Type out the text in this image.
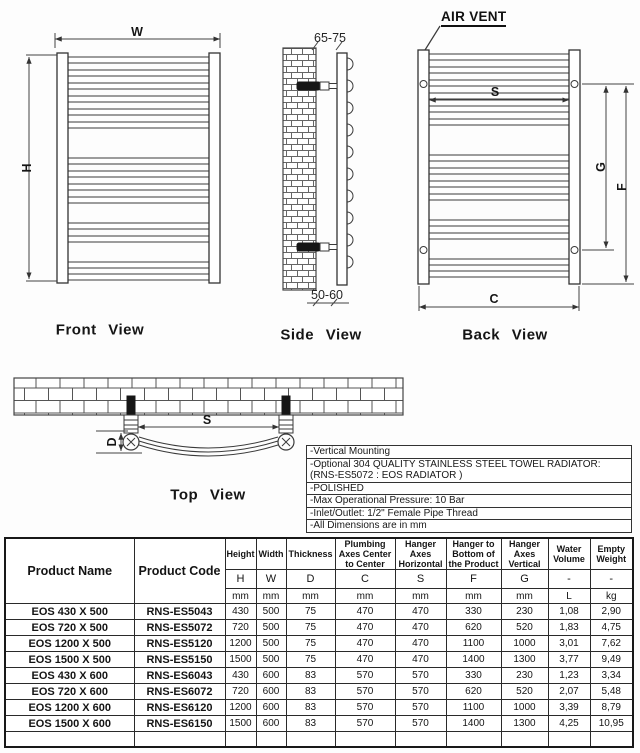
W
H
65-75
50-60
AIR VENT
S
G
F
C
Front View	Side View	Back View
S
D
Top View
-Vertical Mounting
-Optional 304 QUALITY STAINLESS STEEL TOWEL RADIATOR:
(RNS-ES5072 : EOS RADIATOR )
-POLISHED
-Max Operational Pressure: 10 Bar
-Inlet/Outlet: 1/2" Female Pipe Thread
-All Dimensions are in mm
Product Name	Product Code	Height	Width	Thickness	Plumbing Axes Center to Center	Hanger Axes Horizontal	Hanger to Bottom of the Product	Hanger Axes Vertical	Water Volume	Empty Weight
		H	W	D	C	S	F	G	-	-
		mm	mm	mm	mm	mm	mm	mm	L	kg
EOS 430 X 500	RNS-ES5043	430	500	75	470	470	330	230	1,08	2,90
EOS 720 X 500	RNS-ES5072	720	500	75	470	470	620	520	1,83	4,75
EOS 1200 X 500	RNS-ES5120	1200	500	75	470	470	1100	1000	3,01	7,62
EOS 1500 X 500	RNS-ES5150	1500	500	75	470	470	1400	1300	3,77	9,49
EOS 430 X 600	RNS-ES6043	430	600	83	570	570	330	230	1,23	3,34
EOS 720 X 600	RNS-ES6072	720	600	83	570	570	620	520	2,07	5,48
EOS 1200 X 600	RNS-ES6120	1200	600	83	570	570	1100	1000	3,39	8,79
EOS 1500 X 600	RNS-ES6150	1500	600	83	570	570	1400	1300	4,25	10,95
